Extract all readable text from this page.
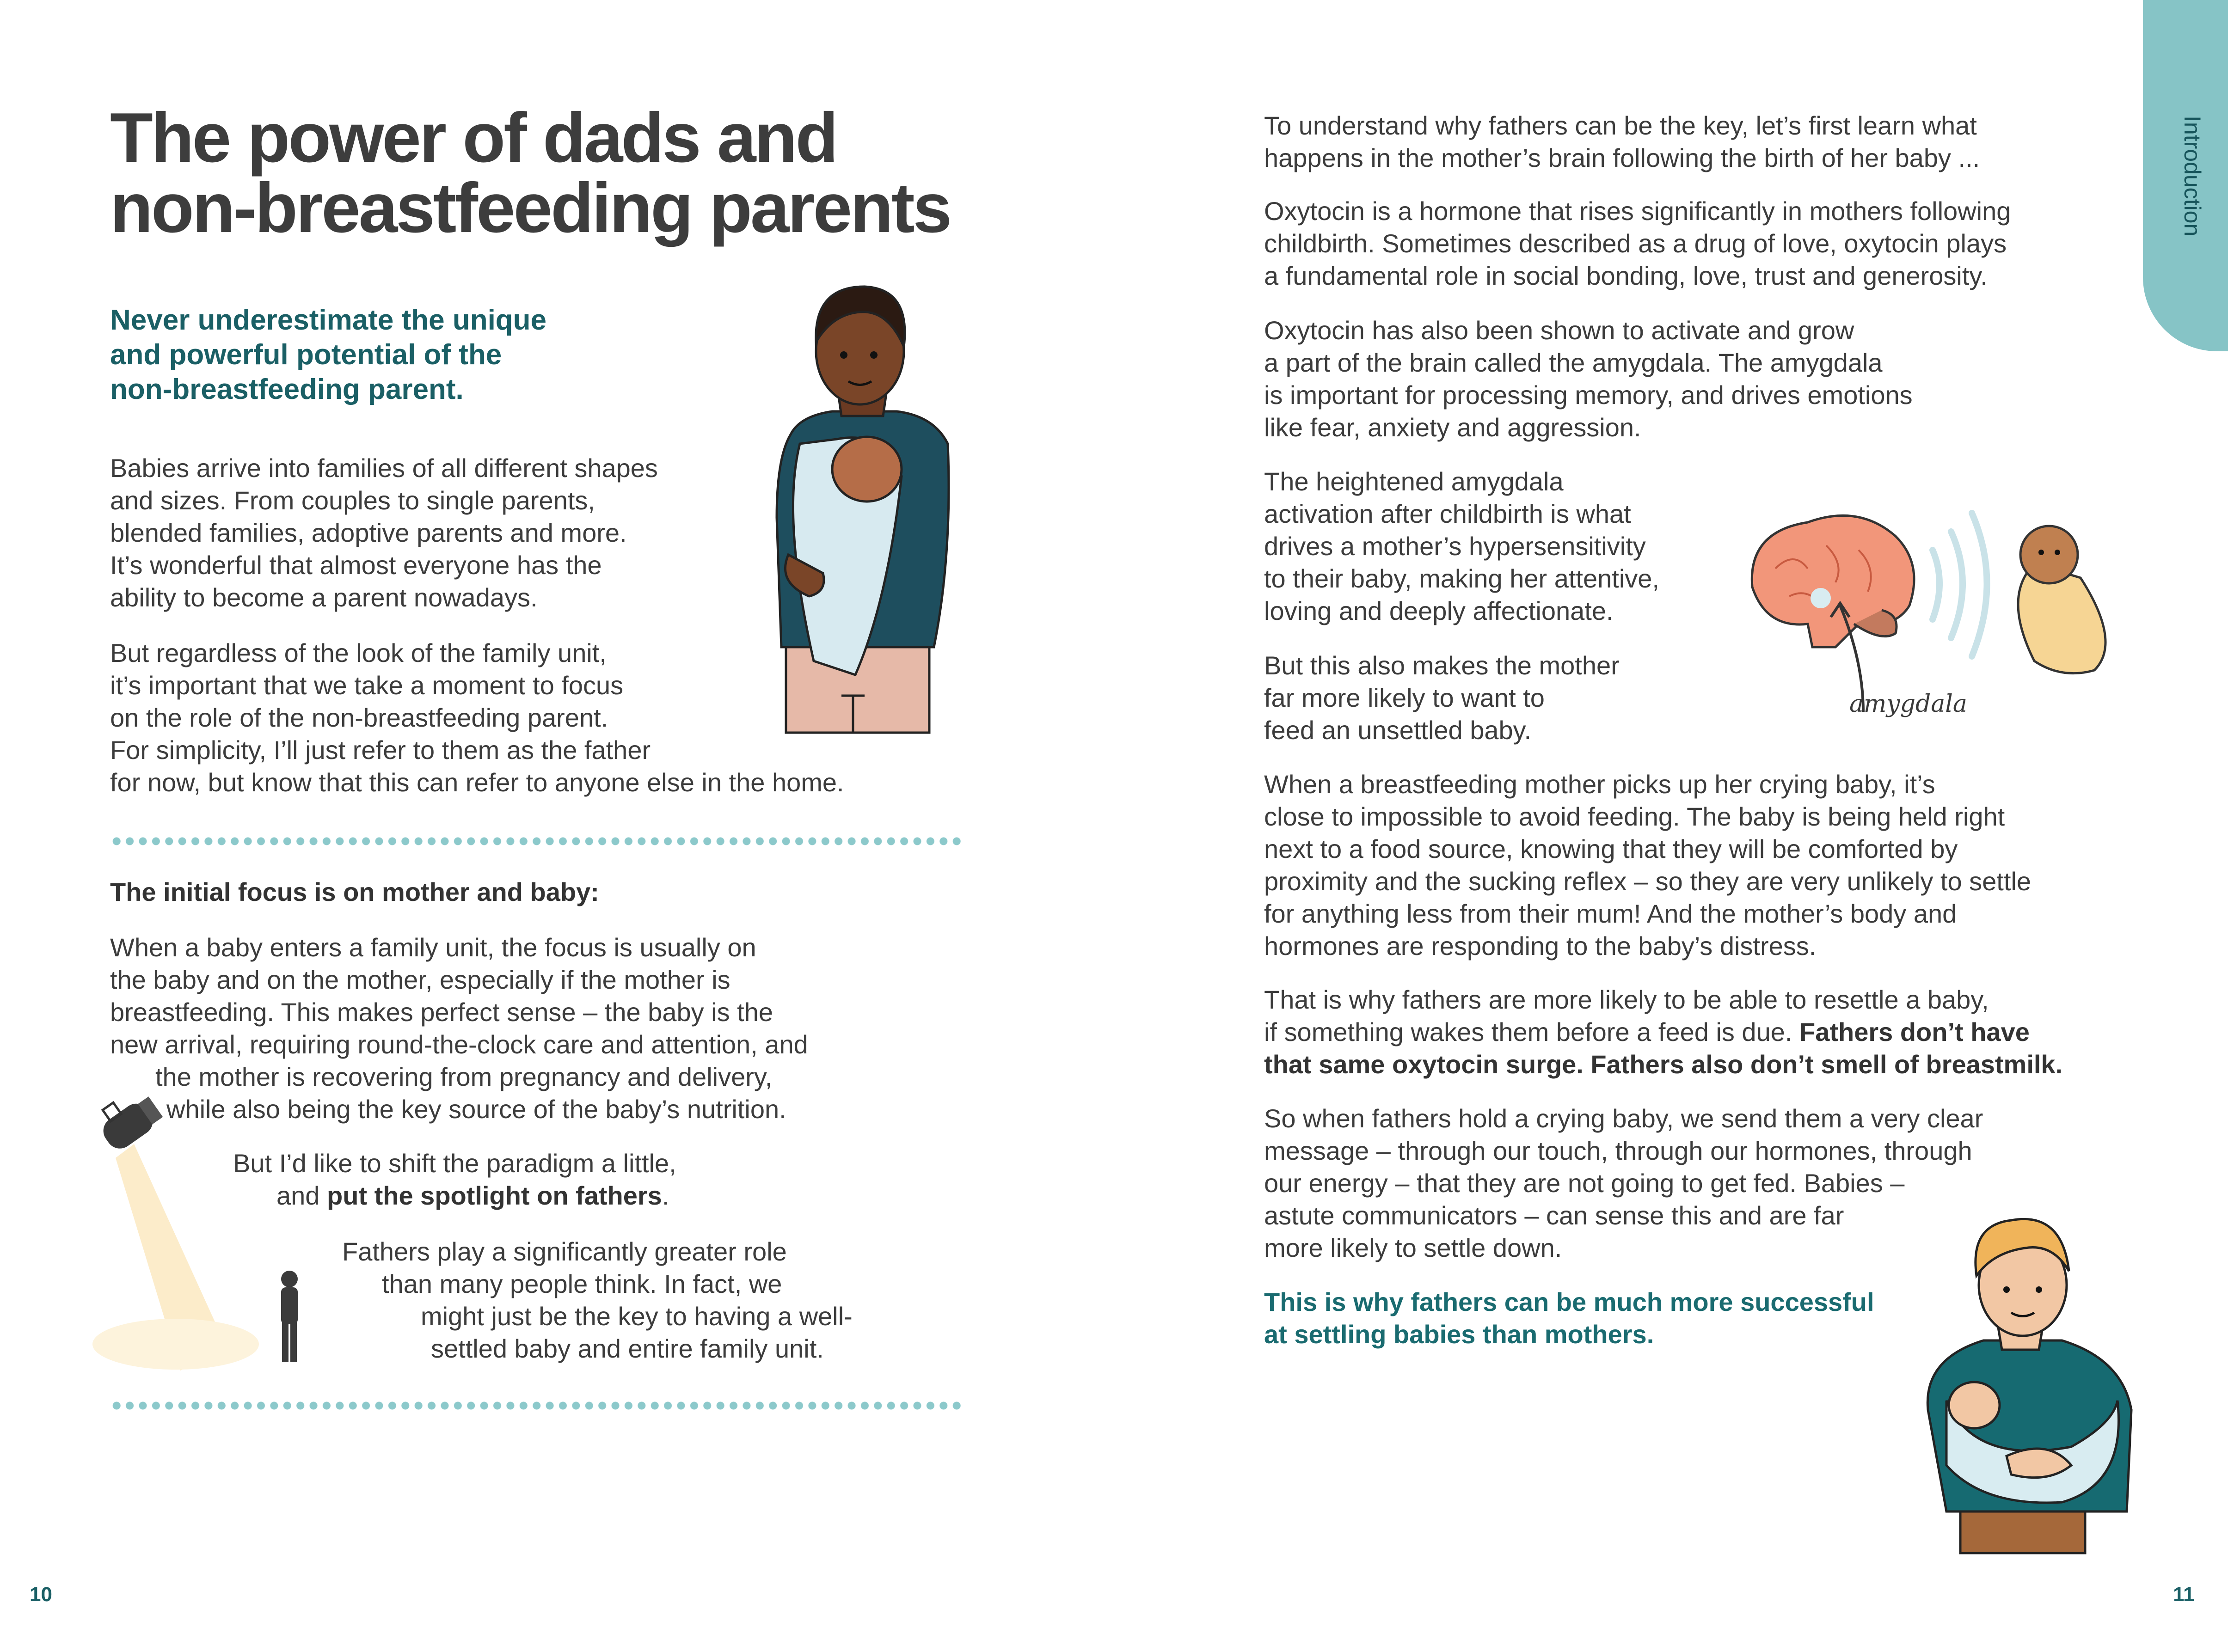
The power of dads and
non-breastfeeding parents

Never underestimate the unique
and powerful potential of the
non-breastfeeding parent.

Babies arrive into families of all different shapes

and sizes. From couples to single parents,

blended families, adoptive parents and more.

It’s wonderful that almost everyone has the

ability to become a parent nowadays.

But regardless of the look of the family unit,

it’s important that we take a moment to focus

on the role of the non-breastfeeding parent.

For simplicity, I’ll just refer to them as the father

for now, but know that this can refer to anyone else in the home.

The initial focus is on mother and baby:

When a baby enters a family unit, the focus is usually on

the baby and on the mother, especially if the mother is

breastfeeding. This makes perfect sense – the baby is the

new arrival, requiring round-the-clock care and attention, and

the mother is recovering from pregnancy and delivery,

while also being the key source of the baby’s nutrition.

But I’d like to shift the paradigm a little,

and put the spotlight on fathers.

Fathers play a significantly greater role

than many people think. In fact, we

might just be the key to having a well-

settled baby and entire family unit.

10
Introduction

To understand why fathers can be the key, let’s first learn what

happens in the mother’s brain following the birth of her baby ...

Oxytocin is a hormone that rises significantly in mothers following

childbirth. Sometimes described as a drug of love, oxytocin plays

a fundamental role in social bonding, love, trust and generosity.

Oxytocin has also been shown to activate and grow

a part of the brain called the amygdala. The amygdala

is important for processing memory, and drives emotions

like fear, anxiety and aggression.

The heightened amygdala

activation after childbirth is what

drives a mother’s hypersensitivity

to their baby, making her attentive,

loving and deeply affectionate.

But this also makes the mother

far more likely to want to

feed an unsettled baby.

amygdala

When a breastfeeding mother picks up her crying baby, it’s

close to impossible to avoid feeding. The baby is being held right

next to a food source, knowing that they will be comforted by

proximity and the sucking reflex – so they are very unlikely to settle

for anything less from their mum! And the mother’s body and

hormones are responding to the baby’s distress.

That is why fathers are more likely to be able to resettle a baby,

if something wakes them before a feed is due. Fathers don’t have

that same oxytocin surge. Fathers also don’t smell of breastmilk.

So when fathers hold a crying baby, we send them a very clear

message – through our touch, through our hormones, through

our energy – that they are not going to get fed. Babies –

astute communicators – can sense this and are far

more likely to settle down.

This is why fathers can be much more successful

at settling babies than mothers.

11
